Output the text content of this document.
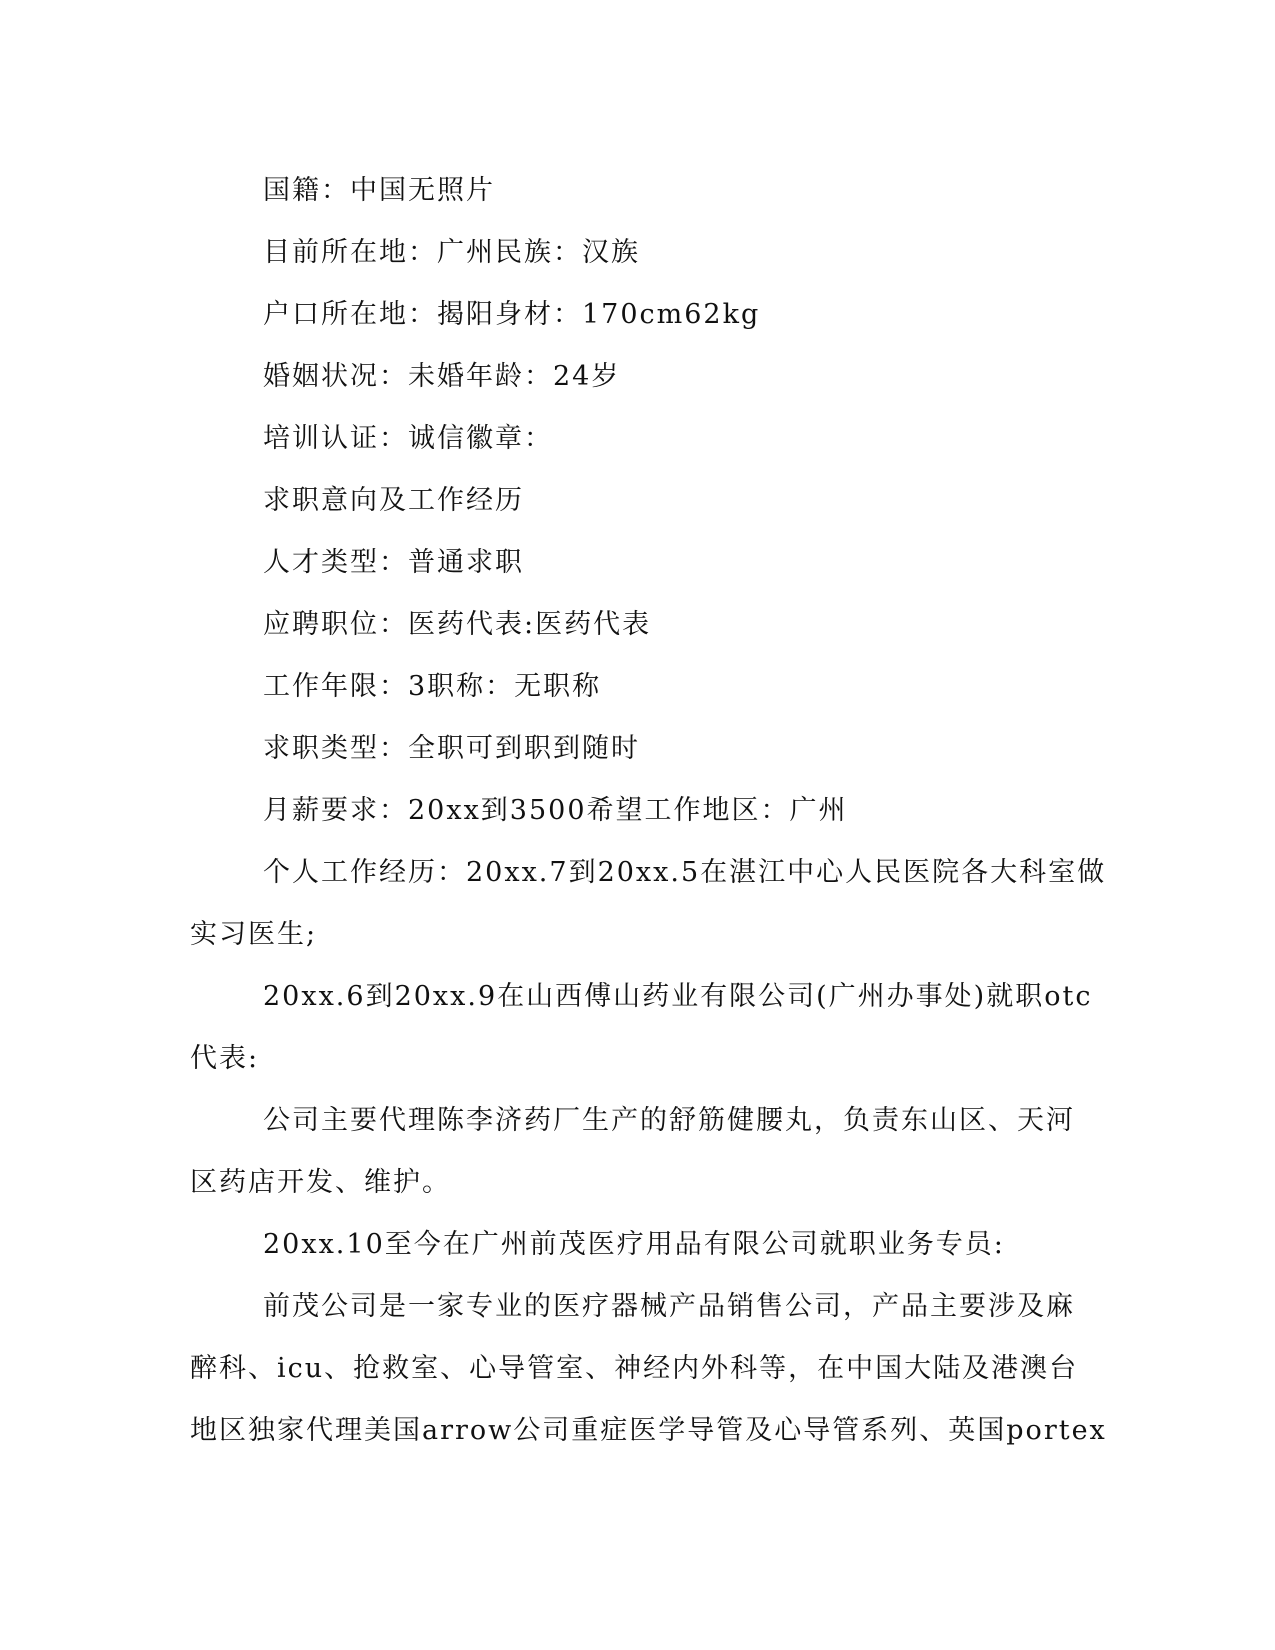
国籍：中国无照片
目前所在地：广州民族：汉族
户口所在地：揭阳身材：170cm62kg
婚姻状况：未婚年龄：24岁
培训认证：诚信徽章：
求职意向及工作经历
人才类型：普通求职
应聘职位：医药代表:医药代表
工作年限：3职称：无职称
求职类型：全职可到职到随时
月薪要求：20xx到3500希望工作地区：广州
个人工作经历：20xx.7到20xx.5在湛江中心人民医院各大科室做
实习医生;
20xx.6到20xx.9在山西傅山药业有限公司(广州办事处)就职otc
代表:
公司主要代理陈李济药厂生产的舒筋健腰丸，负责东山区、天河
区药店开发、维护。
20xx.10至今在广州前茂医疗用品有限公司就职业务专员:
前茂公司是一家专业的医疗器械产品销售公司，产品主要涉及麻
醉科、icu、抢救室、心导管室、神经内外科等，在中国大陆及港澳台
地区独家代理美国arrow公司重症医学导管及心导管系列、英国portex
